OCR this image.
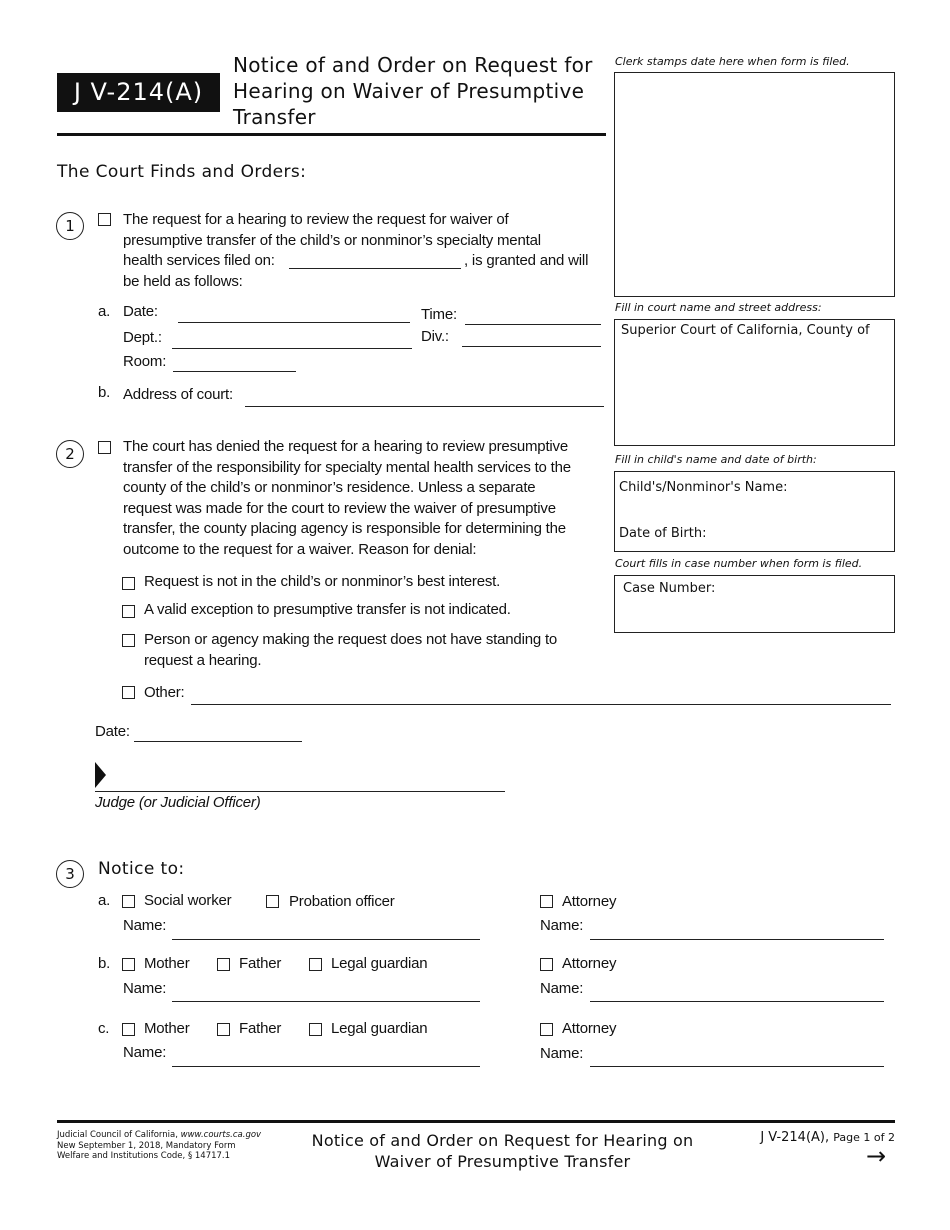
J V-214(A)
Notice of and Order on Request for Hearing on Waiver of Presumptive Transfer
Clerk stamps date here when form is filed.
Fill in court name and street address:
Superior Court of California, County of
Fill in child's name and date of birth:
Child's/Nonminor's Name:
Date of Birth:
Court fills in case number when form is filed.
Case Number:
The Court Finds and Orders:
1	The request for a hearing to review the request for waiver of
presumptive transfer of the child’s or nonminor’s specialty mental
health services filed on:	, is granted and will
be held as follows:
a. Date:	Time:
Dept.:	Div.:
Room:
b. Address of court:
2	The court has denied the request for a hearing to review presumptive
transfer of the responsibility for specialty mental health services to the
county of the child’s or nonminor’s residence. Unless a separate
request was made for the court to review the waiver of presumptive
transfer, the county placing agency is responsible for determining the
outcome to the request for a waiver. Reason for denial:
Request is not in the child’s or nonminor’s best interest.
A valid exception to presumptive transfer is not indicated.
Person or agency making the request does not have standing to
request a hearing.
Other:
Date:
Judge (or Judicial Officer)
3	Notice to:
a. Social worker	Probation officer	Attorney
Name:	Name:
b. Mother	Father	Legal guardian	Attorney
Name:	Name:
c. Mother	Father	Legal guardian	Attorney
Name:	Name:
Judicial Council of California, www.courts.ca.gov
New September 1, 2018, Mandatory Form
Welfare and Institutions Code, § 14717.1
Notice of and Order on Request for Hearing on Waiver of Presumptive Transfer
J V-214(A), Page 1 of 2
→
